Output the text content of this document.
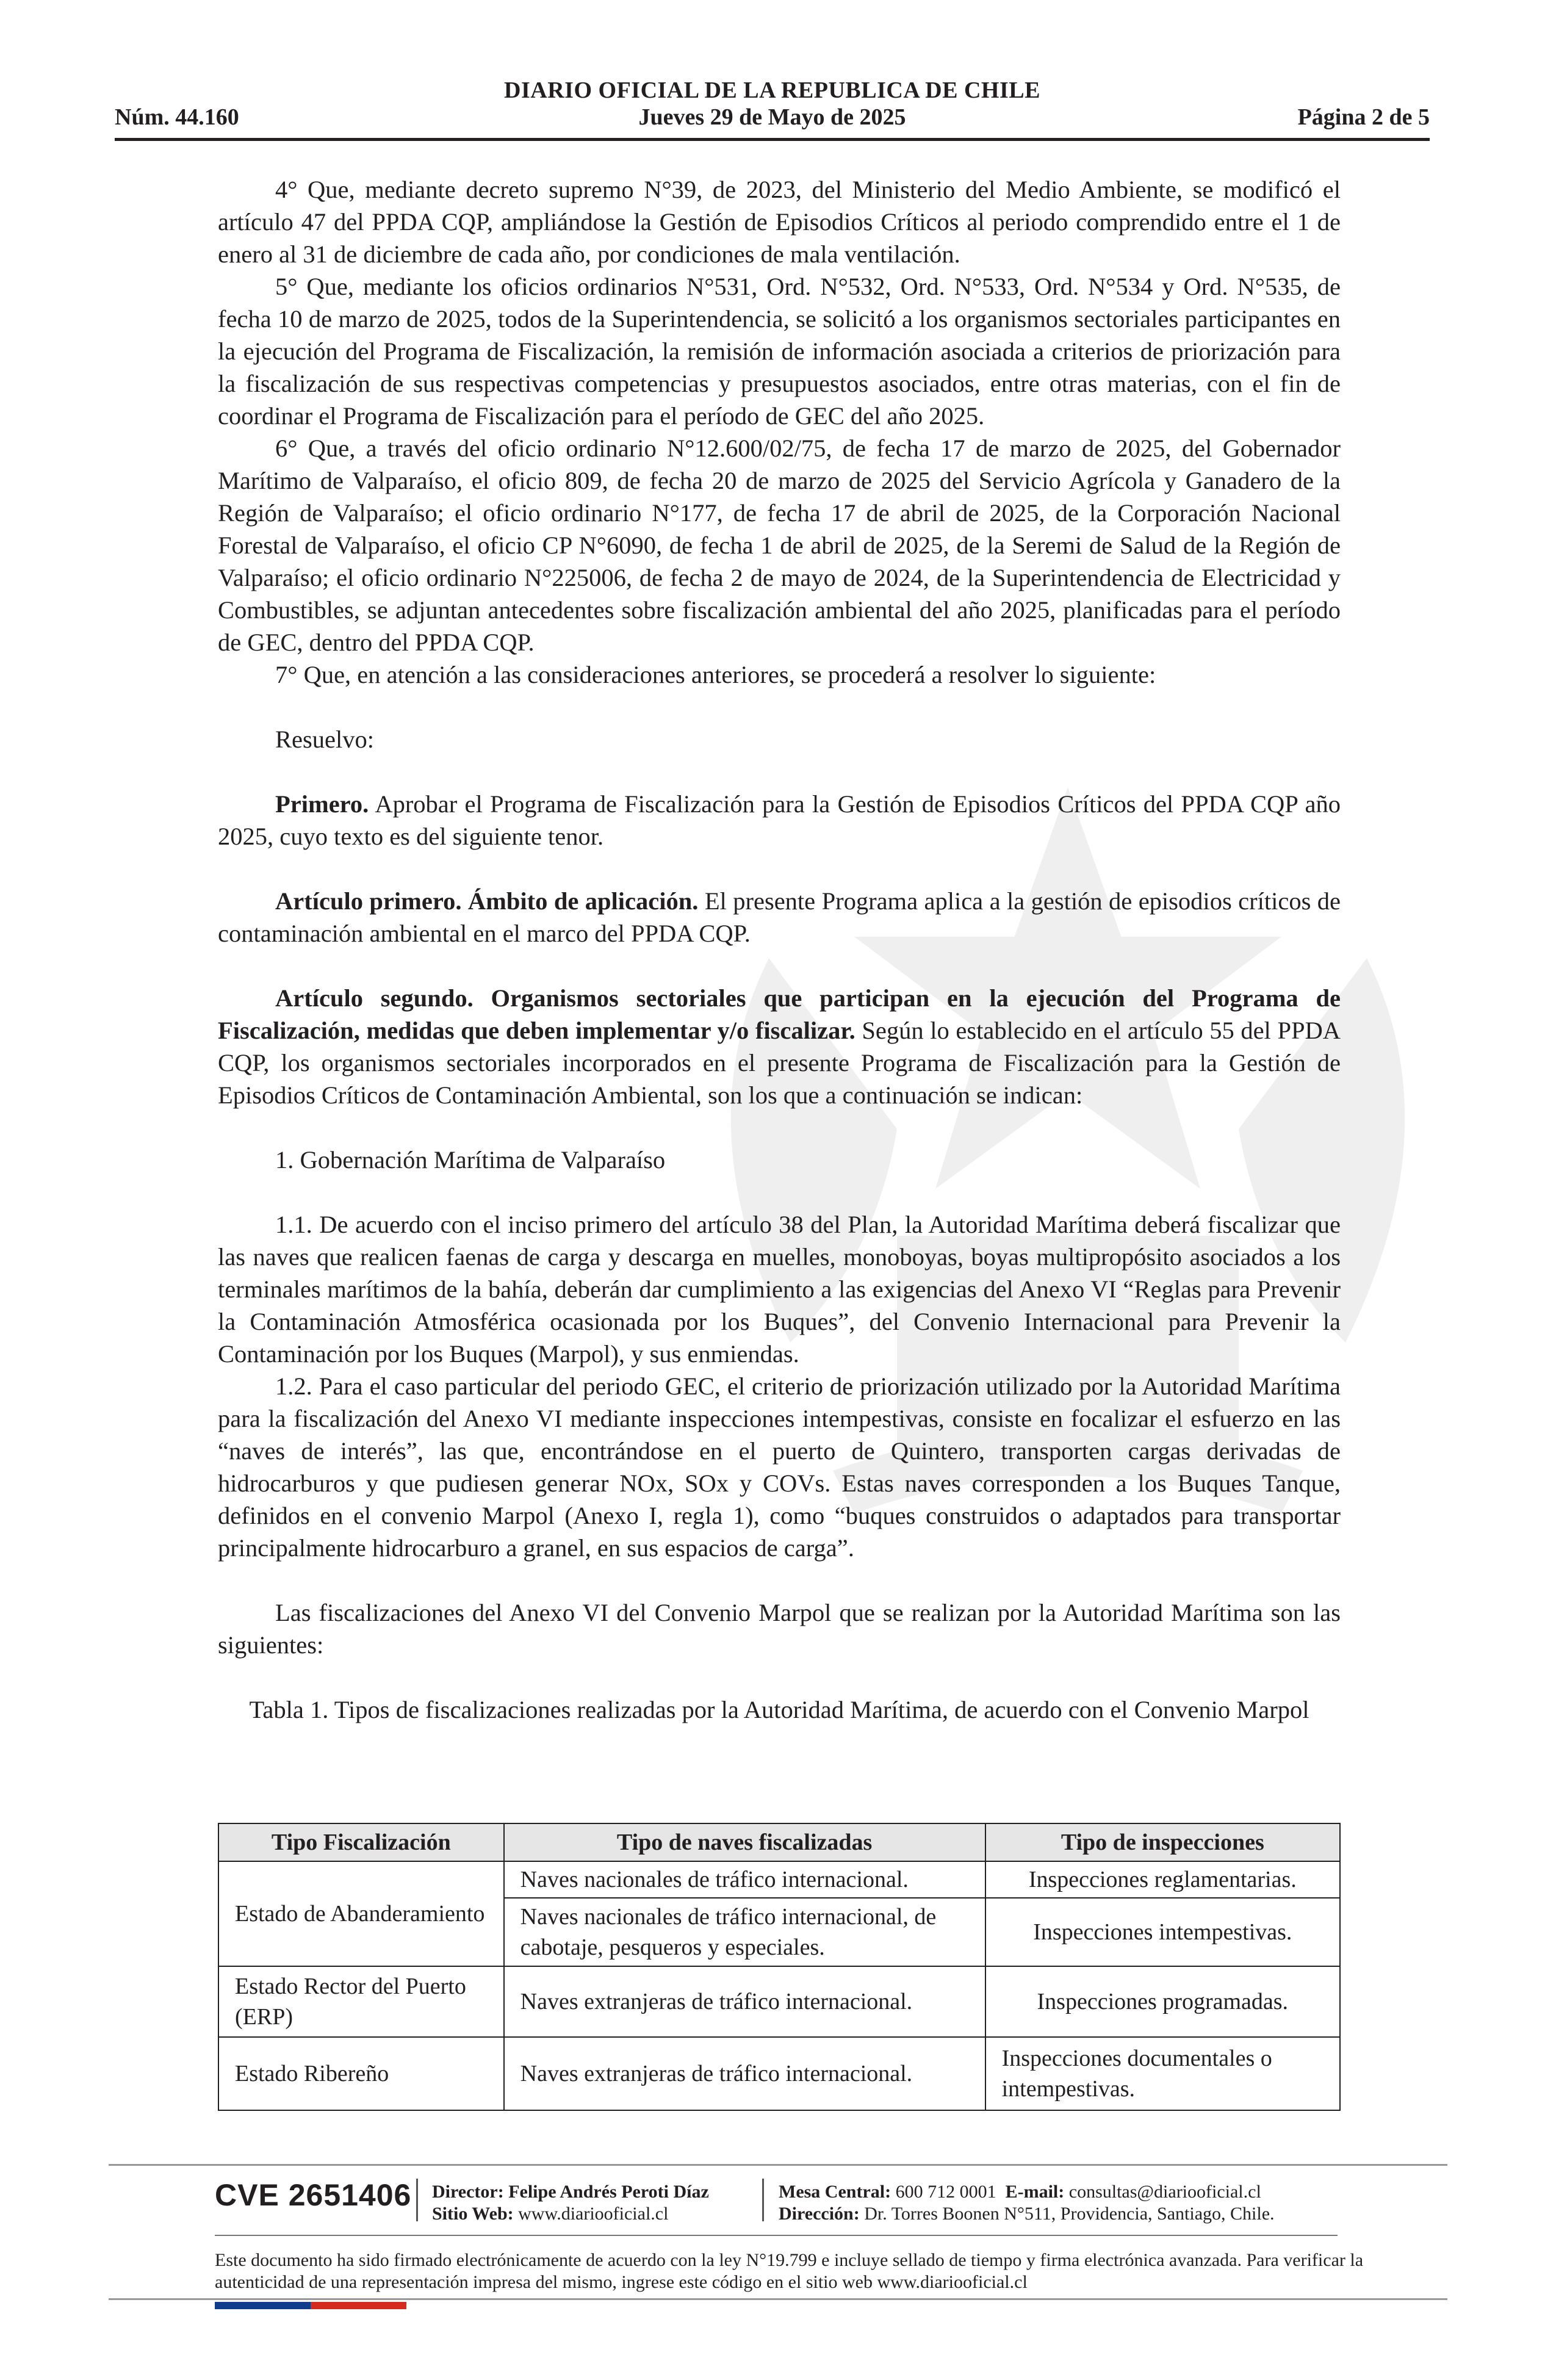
DIARIO OFICIAL DE LA REPUBLICA DE CHILE
Núm. 44.160	Jueves 29 de Mayo de 2025	Página 2 de 5

4° Que, mediante decreto supremo N°39, de 2023, del Ministerio del Medio Ambiente, se modificó el artículo 47 del PPDA CQP, ampliándose la Gestión de Episodios Críticos al periodo comprendido entre el 1 de enero al 31 de diciembre de cada año, por condiciones de mala ventilación.

5° Que, mediante los oficios ordinarios N°531, Ord. N°532, Ord. N°533, Ord. N°534 y Ord. N°535, de fecha 10 de marzo de 2025, todos de la Superintendencia, se solicitó a los organismos sectoriales participantes en la ejecución del Programa de Fiscalización, la remisión de información asociada a criterios de priorización para la fiscalización de sus respectivas competencias y presupuestos asociados, entre otras materias, con el fin de coordinar el Programa de Fiscalización para el período de GEC del año 2025.

6° Que, a través del oficio ordinario N°12.600/02/75, de fecha 17 de marzo de 2025, del Gobernador Marítimo de Valparaíso, el oficio 809, de fecha 20 de marzo de 2025 del Servicio Agrícola y Ganadero de la Región de Valparaíso; el oficio ordinario N°177, de fecha 17 de abril de 2025, de la Corporación Nacional Forestal de Valparaíso, el oficio CP N°6090, de fecha 1 de abril de 2025, de la Seremi de Salud de la Región de Valparaíso; el oficio ordinario N°225006, de fecha 2 de mayo de 2024, de la Superintendencia de Electricidad y Combustibles, se adjuntan antecedentes sobre fiscalización ambiental del año 2025, planificadas para el período de GEC, dentro del PPDA CQP.

7° Que, en atención a las consideraciones anteriores, se procederá a resolver lo siguiente:

Resuelvo:

Primero. Aprobar el Programa de Fiscalización para la Gestión de Episodios Críticos del PPDA CQP año 2025, cuyo texto es del siguiente tenor.

Artículo primero. Ámbito de aplicación. El presente Programa aplica a la gestión de episodios críticos de contaminación ambiental en el marco del PPDA CQP.

Artículo segundo. Organismos sectoriales que participan en la ejecución del Programa de Fiscalización, medidas que deben implementar y/o fiscalizar. Según lo establecido en el artículo 55 del PPDA CQP, los organismos sectoriales incorporados en el presente Programa de Fiscalización para la Gestión de Episodios Críticos de Contaminación Ambiental, son los que a continuación se indican:

1. Gobernación Marítima de Valparaíso

1.1. De acuerdo con el inciso primero del artículo 38 del Plan, la Autoridad Marítima deberá fiscalizar que las naves que realicen faenas de carga y descarga en muelles, monoboyas, boyas multipropósito asociados a los terminales marítimos de la bahía, deberán dar cumplimiento a las exigencias del Anexo VI “Reglas para Prevenir la Contaminación Atmosférica ocasionada por los Buques”, del Convenio Internacional para Prevenir la Contaminación por los Buques (Marpol), y sus enmiendas.

1.2. Para el caso particular del periodo GEC, el criterio de priorización utilizado por la Autoridad Marítima para la fiscalización del Anexo VI mediante inspecciones intempestivas, consiste en focalizar el esfuerzo en las “naves de interés”, las que, encontrándose en el puerto de Quintero, transporten cargas derivadas de hidrocarburos y que pudiesen generar NOx, SOx y COVs. Estas naves corresponden a los Buques Tanque, definidos en el convenio Marpol (Anexo I, regla 1), como “buques construidos o adaptados para transportar principalmente hidrocarburo a granel, en sus espacios de carga”.

Las fiscalizaciones del Anexo VI del Convenio Marpol que se realizan por la Autoridad Marítima son las siguientes:

Tabla 1. Tipos de fiscalizaciones realizadas por la Autoridad Marítima, de acuerdo con el Convenio Marpol

Tipo Fiscalización	Tipo de naves fiscalizadas	Tipo de inspecciones
Estado de Abanderamiento	Naves nacionales de tráfico internacional.	Inspecciones reglamentarias.
	Naves nacionales de tráfico internacional, de cabotaje, pesqueros y especiales.	Inspecciones intempestivas.
Estado Rector del Puerto (ERP)	Naves extranjeras de tráfico internacional.	Inspecciones programadas.
Estado Ribereño	Naves extranjeras de tráfico internacional.	Inspecciones documentales o intempestivas.
CVE 2651406 Director: Felipe Andrés Peroti Díaz
Sitio Web: www.diariooficial.cl
Mesa Central: 600 712 0001 E-mail: consultas@diariooficial.cl
Dirección: Dr. Torres Boonen N°511, Providencia, Santiago, Chile.
Este documento ha sido firmado electrónicamente de acuerdo con la ley N°19.799 e incluye sellado de tiempo y firma electrónica avanzada. Para verificar la autenticidad de una representación impresa del mismo, ingrese este código en el sitio web www.diariooficial.cl
